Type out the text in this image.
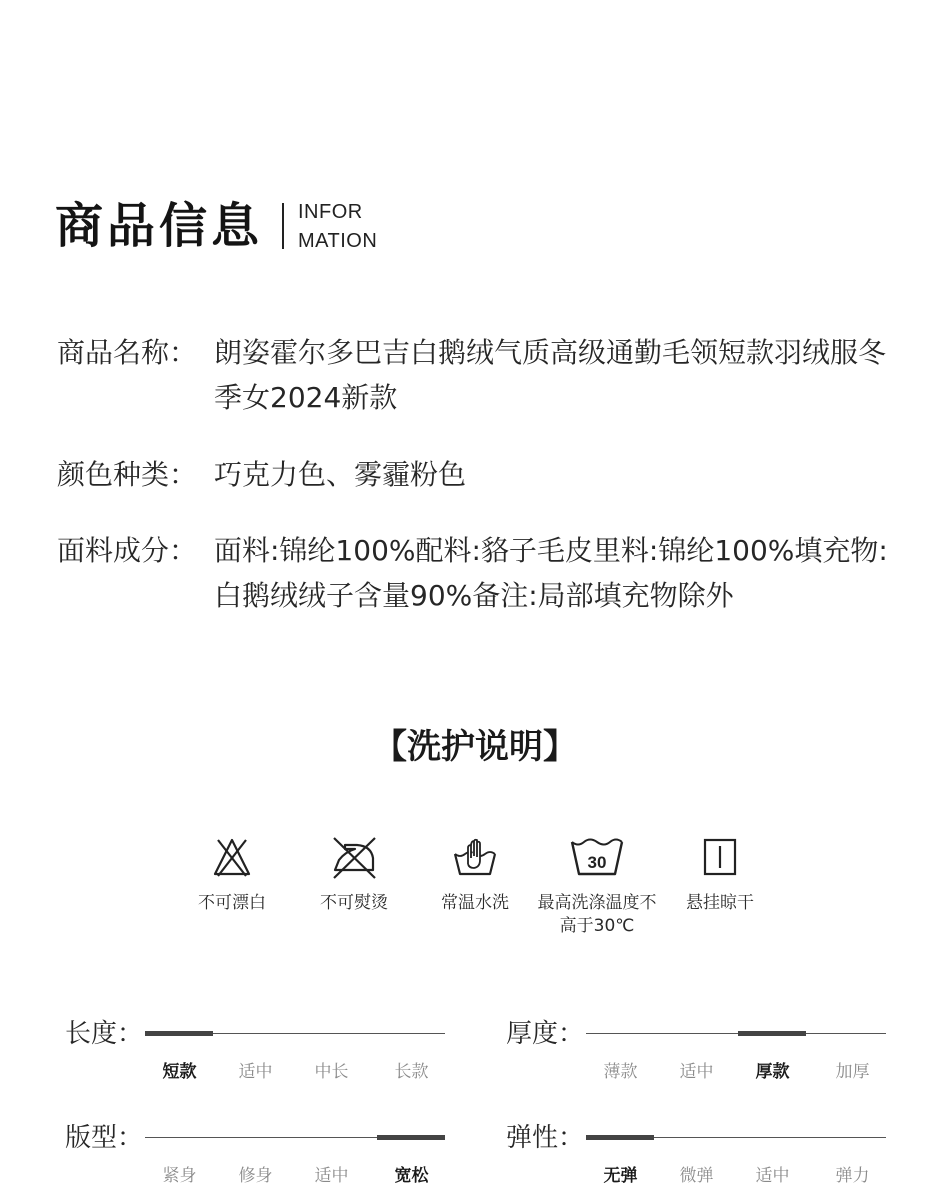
商品信息 INFOR
MATION
商品名称： 朗姿霍尔多巴吉白鹅绒气质高级通勤毛领短款羽绒服冬季女2024新款
颜色种类： 巧克力色、雾霾粉色
面料成分： 面料:锦纶100%配料:貉子毛皮里料:锦纶100%填充物:白鹅绒绒子含量90%备注:局部填充物除外
【洗护说明】
不可漂白	不可熨烫	常温水洗
30
最高洗涤温度不高于30℃
悬挂晾干
长度：
短款	适中	中长	长款
厚度：
薄款	适中	厚款	加厚
版型：
紧身	修身	适中	宽松
弹性：
无弹	微弹	适中	弹力
